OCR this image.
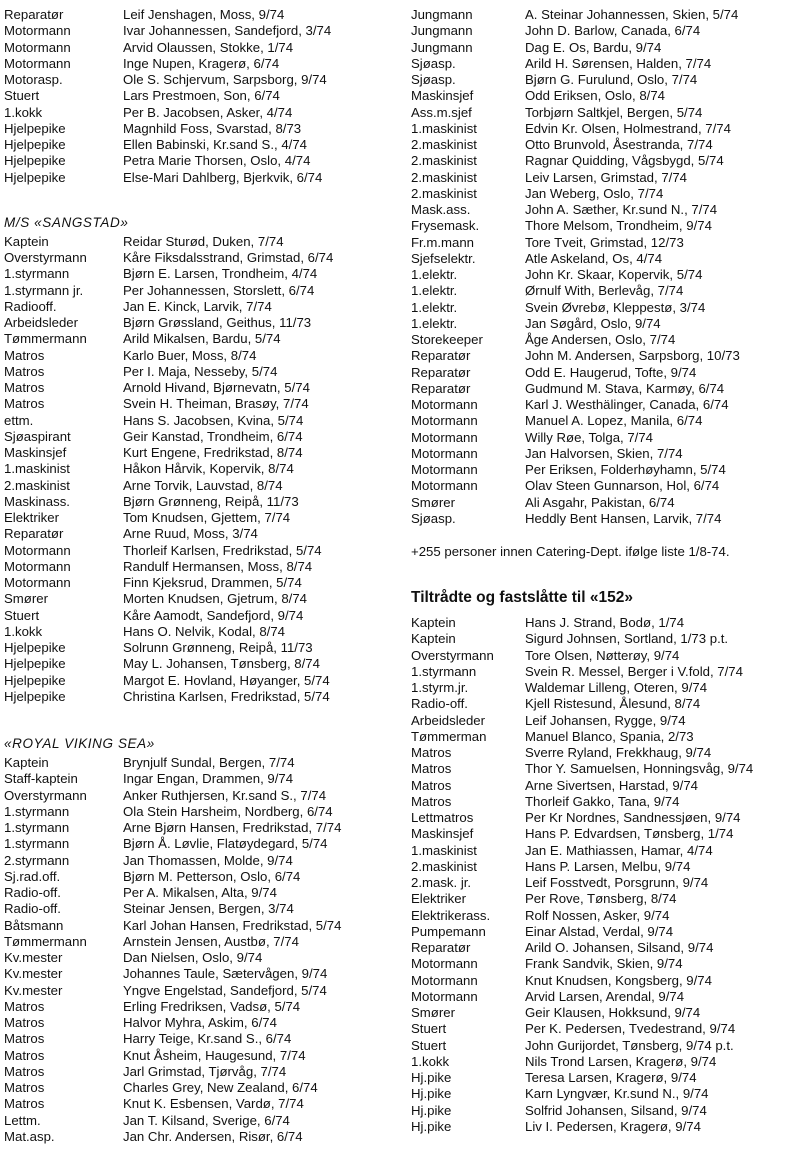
Reparatør	Leif Jenshagen, Moss, 9/74
Motormann	Ivar Johannessen, Sandefjord, 3/74
Motormann	Arvid Olaussen, Stokke, 1/74
Motormann	Inge Nupen, Kragerø, 6/74
Motorasp.	Ole S. Schjervum, Sarpsborg, 9/74
Stuert	Lars Prestmoen, Son, 6/74
1.kokk	Per B. Jacobsen, Asker, 4/74
Hjelpepike	Magnhild Foss, Svarstad, 8/73
Hjelpepike	Ellen Babinski, Kr.sand S., 4/74
Hjelpepike	Petra Marie Thorsen, Oslo, 4/74
Hjelpepike	Else-Mari Dahlberg, Bjerkvik, 6/74
M/S «SANGSTAD»
Kaptein	Reidar Sturød, Duken, 7/74
Overstyrmann	Kåre Fiksdalsstrand, Grimstad, 6/74
1.styrmann	Bjørn E. Larsen, Trondheim, 4/74
1.styrmann jr.	Per Johannessen, Storslett, 6/74
Radiooff.	Jan E. Kinck, Larvik, 7/74
Arbeidsleder	Bjørn Grøssland, Geithus, 11/73
Tømmermann	Arild Mikalsen, Bardu, 5/74
Matros	Karlo Buer, Moss, 8/74
Matros	Per I. Maja, Nesseby, 5/74
Matros	Arnold Hivand, Bjørnevatn, 5/74
Matros	Svein H. Theiman, Brasøy, 7/74
ettm.	Hans S. Jacobsen, Kvina, 5/74
Sjøaspirant	Geir Kanstad, Trondheim, 6/74
Maskinsjef	Kurt Engene, Fredrikstad, 8/74
1.maskinist	Håkon Hårvik, Kopervik, 8/74
2.maskinist	Arne Torvik, Lauvstad, 8/74
Maskinass.	Bjørn Grønneng, Reipå, 11/73
Elektriker	Tom Knudsen, Gjettem, 7/74
Reparatør	Arne Ruud, Moss, 3/74
Motormann	Thorleif Karlsen, Fredrikstad, 5/74
Motormann	Randulf Hermansen, Moss, 8/74
Motormann	Finn Kjeksrud, Drammen, 5/74
Smører	Morten Knudsen, Gjetrum, 8/74
Stuert	Kåre Aamodt, Sandefjord, 9/74
1.kokk	Hans O. Nelvik, Kodal, 8/74
Hjelpepike	Solrunn Grønneng, Reipå, 11/73
Hjelpepike	May L. Johansen, Tønsberg, 8/74
Hjelpepike	Margot E. Hovland, Høyanger, 5/74
Hjelpepike	Christina Karlsen, Fredrikstad, 5/74
«ROYAL VIKING SEA»
Kaptein	Brynjulf Sundal, Bergen, 7/74
Staff-kaptein	Ingar Engan, Drammen, 9/74
Overstyrmann	Anker Ruthjersen, Kr.sand S., 7/74
1.styrmann	Ola Stein Harsheim, Nordberg, 6/74
1.styrmann	Arne Bjørn Hansen, Fredrikstad, 7/74
1.styrmann	Bjørn Å. Løvlie, Flatøydegard, 5/74
2.styrmann	Jan Thomassen, Molde, 9/74
Sj.rad.off.	Bjørn M. Petterson, Oslo, 6/74
Radio-off.	Per A. Mikalsen, Alta, 9/74
Radio-off.	Steinar Jensen, Bergen, 3/74
Båtsmann	Karl Johan Hansen, Fredrikstad, 5/74
Tømmermann	Arnstein Jensen, Austbø, 7/74
Kv.mester	Dan Nielsen, Oslo, 9/74
Kv.mester	Johannes Taule, Sætervågen, 9/74
Kv.mester	Yngve Engelstad, Sandefjord, 5/74
Matros	Erling Fredriksen, Vadsø, 5/74
Matros	Halvor Myhra, Askim, 6/74
Matros	Harry Teige, Kr.sand S., 6/74
Matros	Knut Åsheim, Haugesund, 7/74
Matros	Jarl Grimstad, Tjørvåg, 7/74
Matros	Charles Grey, New Zealand, 6/74
Matros	Knut K. Esbensen, Vardø, 7/74
Lettm.	Jan T. Kilsand, Sverige, 6/74
Mat.asp.	Jan Chr. Andersen, Risør, 6/74
Jungmann	A. Steinar Johannessen, Skien, 5/74
Jungmann	John D. Barlow, Canada, 6/74
Jungmann	Dag E. Os, Bardu, 9/74
Sjøasp.	Arild H. Sørensen, Halden, 7/74
Sjøasp.	Bjørn G. Furulund, Oslo, 7/74
Maskinsjef	Odd Eriksen, Oslo, 8/74
Ass.m.sjef	Torbjørn Saltkjel, Bergen, 5/74
1.maskinist	Edvin Kr. Olsen, Holmestrand, 7/74
2.maskinist	Otto Brunvold, Åsestranda, 7/74
2.maskinist	Ragnar Quidding, Vågsbygd, 5/74
2.maskinist	Leiv Larsen, Grimstad, 7/74
2.maskinist	Jan Weberg, Oslo, 7/74
Mask.ass.	John A. Sæther, Kr.sund N., 7/74
Frysemask.	Thore Melsom, Trondheim, 9/74
Fr.m.mann	Tore Tveit, Grimstad, 12/73
Sjefselektr.	Atle Askeland, Os, 4/74
1.elektr.	John Kr. Skaar, Kopervik, 5/74
1.elektr.	Ørnulf With, Berlevåg, 7/74
1.elektr.	Svein Øvrebø, Kleppestø, 3/74
1.elektr.	Jan Søgård, Oslo, 9/74
Storekeeper	Åge Andersen, Oslo, 7/74
Reparatør	John M. Andersen, Sarpsborg, 10/73
Reparatør	Odd E. Haugerud, Tofte, 9/74
Reparatør	Gudmund M. Stava, Karmøy, 6/74
Motormann	Karl J. Westhälinger, Canada, 6/74
Motormann	Manuel A. Lopez, Manila, 6/74
Motormann	Willy Røe, Tolga, 7/74
Motormann	Jan Halvorsen, Skien, 7/74
Motormann	Per Eriksen, Folderhøyhamn, 5/74
Motormann	Olav Steen Gunnarson, Hol, 6/74
Smører	Ali Asgahr, Pakistan, 6/74
Sjøasp.	Heddly Bent Hansen, Larvik, 7/74
+255 personer innen Catering-Dept. ifølge liste 1/8-74.
Tiltrådte og fastslåtte til «152»
Kaptein	Hans J. Strand, Bodø, 1/74
Kaptein	Sigurd Johnsen, Sortland, 1/73 p.t.
Overstyrmann	Tore Olsen, Nøtterøy, 9/74
1.styrmann	Svein R. Messel, Berger i V.fold, 7/74
1.styrm.jr.	Waldemar Lilleng, Oteren, 9/74
Radio-off.	Kjell Ristesund, Ålesund, 8/74
Arbeidsleder	Leif Johansen, Rygge, 9/74
Tømmerman	Manuel Blanco, Spania, 2/73
Matros	Sverre Ryland, Frekkhaug, 9/74
Matros	Thor Y. Samuelsen, Honningsvåg, 9/74
Matros	Arne Sivertsen, Harstad, 9/74
Matros	Thorleif Gakko, Tana, 9/74
Lettmatros	Per Kr Nordnes, Sandnessjøen, 9/74
Maskinsjef	Hans P. Edvardsen, Tønsberg, 1/74
1.maskinist	Jan E. Mathiassen, Hamar, 4/74
2.maskinist	Hans P. Larsen, Melbu, 9/74
2.mask. jr.	Leif Fosstvedt, Porsgrunn, 9/74
Elektriker	Per Rove, Tønsberg, 8/74
Elektrikerass.	Rolf Nossen, Asker, 9/74
Pumpemann	Einar Alstad, Verdal, 9/74
Reparatør	Arild O. Johansen, Silsand, 9/74
Motormann	Frank Sandvik, Skien, 9/74
Motormann	Knut Knudsen, Kongsberg, 9/74
Motormann	Arvid Larsen, Arendal, 9/74
Smører	Geir Klausen, Hokksund, 9/74
Stuert	Per K. Pedersen, Tvedestrand, 9/74
Stuert	John Gurijordet, Tønsberg, 9/74 p.t.
1.kokk	Nils Trond Larsen, Kragerø, 9/74
Hj.pike	Teresa Larsen, Kragerø, 9/74
Hj.pike	Karn Lyngvær, Kr.sund N., 9/74
Hj.pike	Solfrid Johansen, Silsand, 9/74
Hj.pike	Liv I. Pedersen, Kragerø, 9/74
